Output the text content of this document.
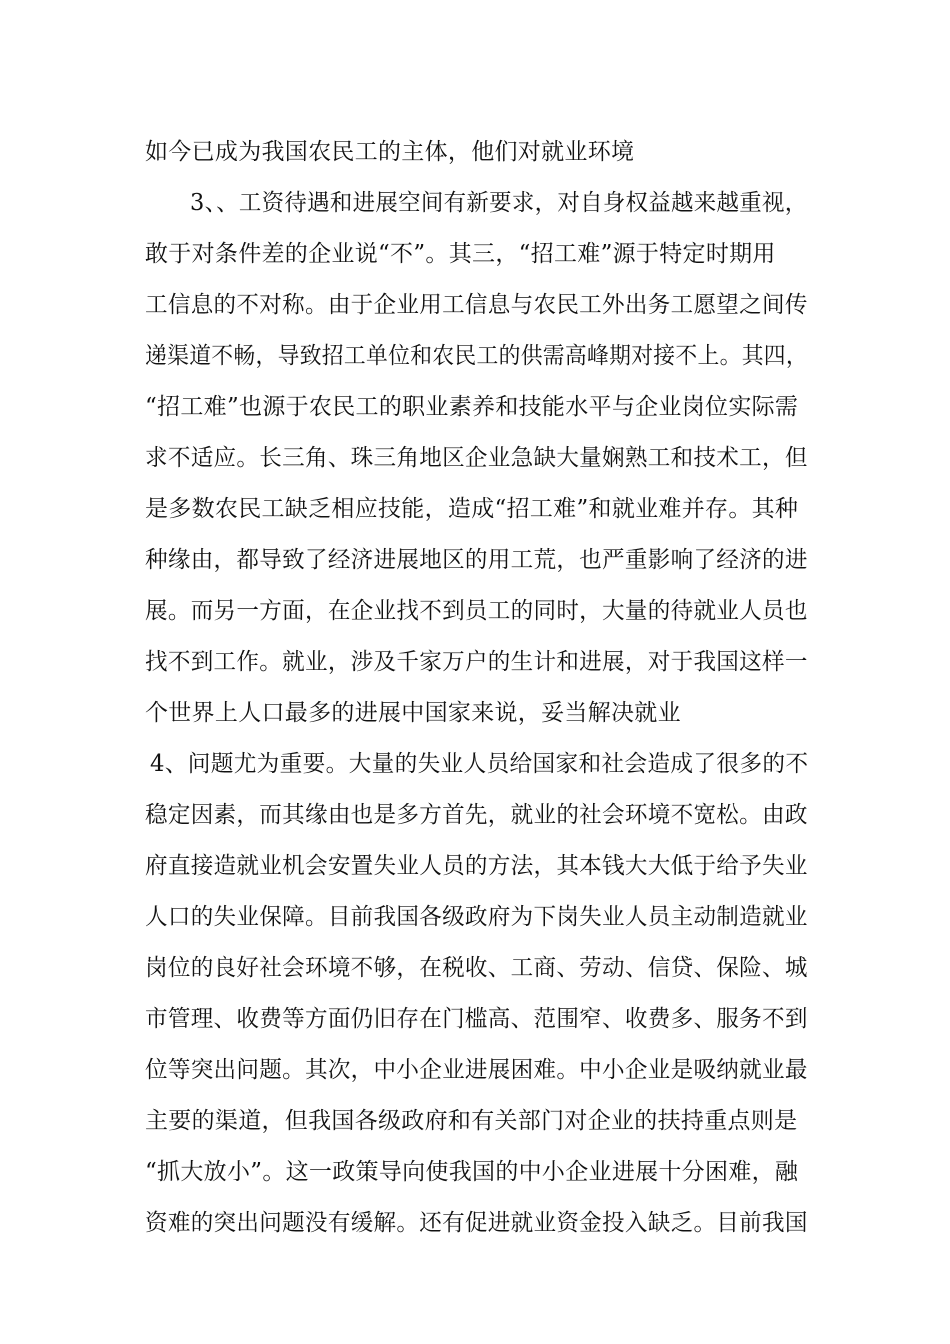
如今已成为我国农民工的主体，他们对就业环境
3、、工资待遇和进展空间有新要求，对自身权益越来越重视，
敢于对条件差的企业说“不”。其三，“招工难”源于特定时期用
工信息的不对称。由于企业用工信息与农民工外出务工愿望之间传
递渠道不畅，导致招工单位和农民工的供需高峰期对接不上。其四，
“招工难”也源于农民工的职业素养和技能水平与企业岗位实际需
求不适应。长三角、珠三角地区企业急缺大量娴熟工和技术工，但
是多数农民工缺乏相应技能，造成“招工难”和就业难并存。其种
种缘由，都导致了经济进展地区的用工荒，也严重影响了经济的进
展。而另一方面，在企业找不到员工的同时，大量的待就业人员也
找不到工作。就业，涉及千家万户的生计和进展，对于我国这样一
个世界上人口最多的进展中国家来说，妥当解决就业
4、问题尤为重要。大量的失业人员给国家和社会造成了很多的不
稳定因素，而其缘由也是多方首先，就业的社会环境不宽松。由政
府直接造就业机会安置失业人员的方法，其本钱大大低于给予失业
人口的失业保障。目前我国各级政府为下岗失业人员主动制造就业
岗位的良好社会环境不够，在税收、工商、劳动、信贷、保险、城
市管理、收费等方面仍旧存在门槛高、范围窄、收费多、服务不到
位等突出问题。其次，中小企业进展困难。中小企业是吸纳就业最
主要的渠道，但我国各级政府和有关部门对企业的扶持重点则是
“抓大放小”。这一政策导向使我国的中小企业进展十分困难，融
资难的突出问题没有缓解。还有促进就业资金投入缺乏。目前我国
